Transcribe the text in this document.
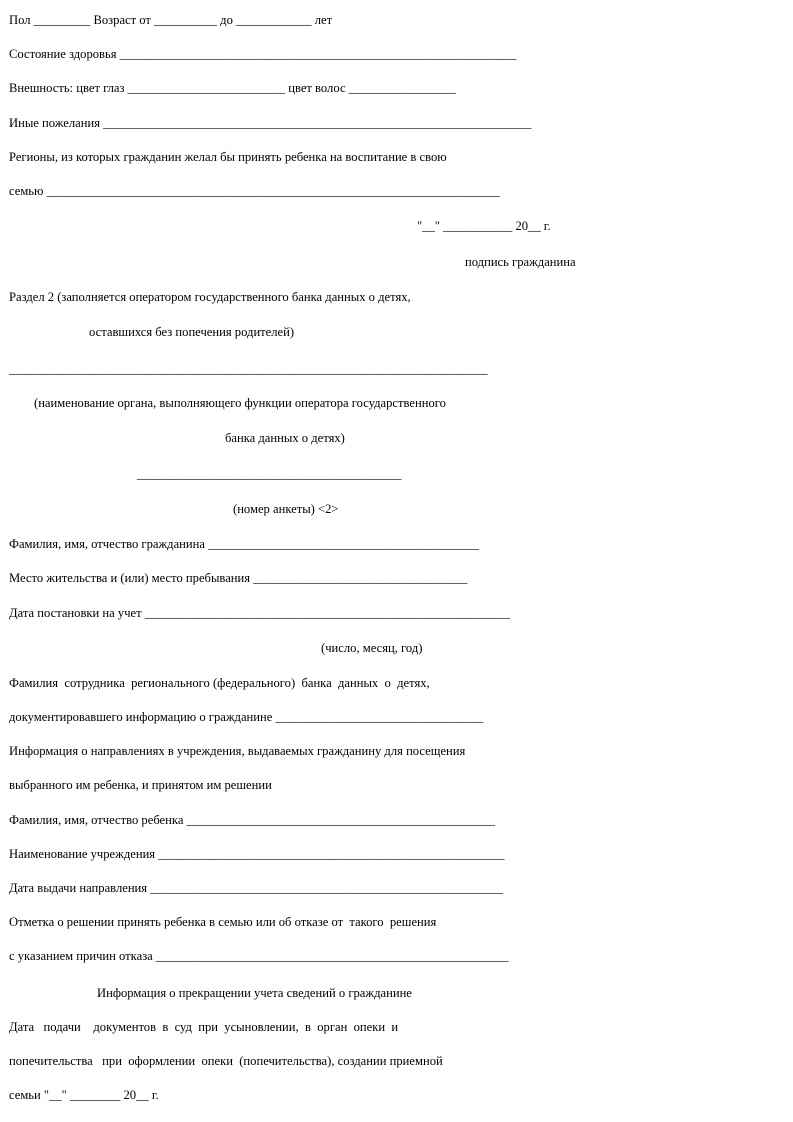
Пол _________ Возраст от __________ до ____________ лет
Состояние здоровья _______________________________________________________________
Внешность: цвет глаз _________________________ цвет волос _________________
Иные пожелания ____________________________________________________________________
Регионы, из которых гражданин желал бы принять ребенка на воспитание в свою
семью ________________________________________________________________________
"__" ___________ 20__ г.
подпись гражданина
Раздел 2 (заполняется оператором государственного банка данных о детях,
оставшихся без попечения родителей)
____________________________________________________________________________
(наименование органа, выполняющего функции оператора государственного
банка данных о детях)
__________________________________________
(номер анкеты) <2>
Фамилия, имя, отчество гражданина ___________________________________________
Место жительства и (или) место пребывания __________________________________
Дата постановки на учет __________________________________________________________
(число, месяц, год)
Фамилия  сотрудника  регионального (федерального)  банка  данных  о  детях,
документировавшего информацию о гражданине _________________________________
Информация о направлениях в учреждения, выдаваемых гражданину для посещения
выбранного им ребенка, и принятом им решении
Фамилия, имя, отчество ребенка _________________________________________________
Наименование учреждения _______________________________________________________
Дата выдачи направления ________________________________________________________
Отметка о решении принять ребенка в семью или об отказе от  такого  решения
с указанием причин отказа ________________________________________________________
Информация о прекращении учета сведений о гражданине
Дата   подачи    документов  в  суд  при  усыновлении,  в  орган  опеки  и
попечительства   при  оформлении  опеки  (попечительства), создании приемной
семьи "__" ________ 20__ г.
